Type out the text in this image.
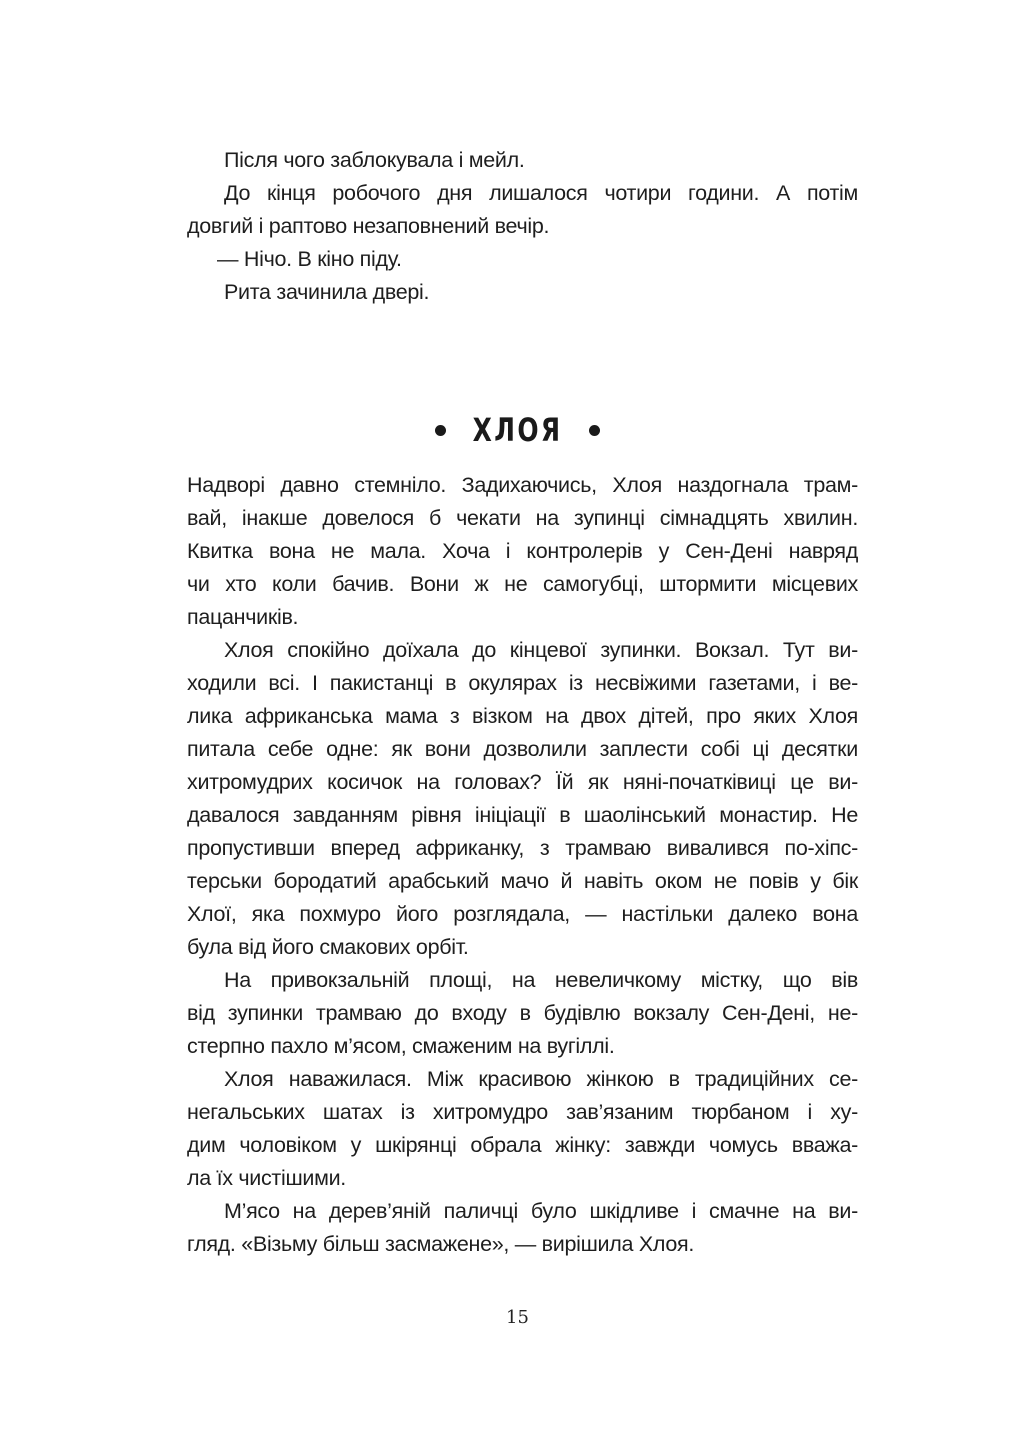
Після чого заблокувала і мейл.
До кінця робочого дня лишалося чотири години. А потім
довгий і раптово незаповнений вечір.
— Нічо. В кіно піду.
Рита зачинила двері.
ХЛОЯ
Надворі давно стемніло. Задихаючись, Хлоя наздогнала трам-
вай, інакше довелося б чекати на зупинці сімнадцять хвилин.
Квитка вона не мала. Хоча і контролерів у Сен-Дені навряд
чи хто коли бачив. Вони ж не самогубці, штормити місцевих
пацанчиків.
Хлоя спокійно доїхала до кінцевої зупинки. Вокзал. Тут ви-
ходили всі. І пакистанці в окулярах із несвіжими газетами, і ве-
лика африканська мама з візком на двох дітей, про яких Хлоя
питала себе одне: як вони дозволили заплести собі ці десятки
хитромудрих косичок на головах? Їй як няні-початківиці це ви-
давалося завданням рівня ініціації в шаолінський монастир. Не
пропустивши вперед африканку, з трамваю вивалився по-хіпс-
терськи бородатий арабський мачо й навіть оком не повів у бік
Хлої, яка похмуро його розглядала, — настільки далеко вона
була від його смакових орбіт.
На привокзальній площі, на невеличкому містку, що вів
від зупинки трамваю до входу в будівлю вокзалу Сен-Дені, не-
стерпно пахло м’ясом, смаженим на вугіллі.
Хлоя наважилася. Між красивою жінкою в традиційних се-
негальських шатах із хитромудро зав’язаним тюрбаном і ху-
дим чоловіком у шкірянці обрала жінку: завжди чомусь вважа-
ла їх чистішими.
М’ясо на дерев’яній паличці було шкідливе і смачне на ви-
гляд. «Візьму більш засмажене», — вирішила Хлоя.
15
